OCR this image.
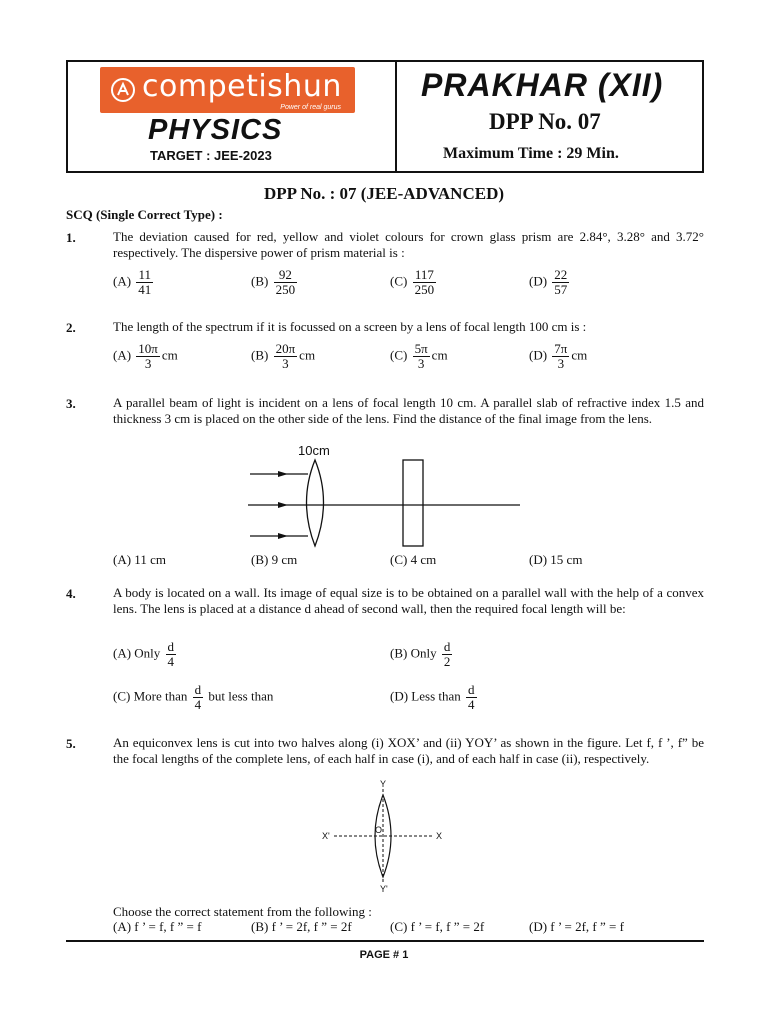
competishun
Power of real gurus
PHYSICS
TARGET : JEE-2023
PRAKHAR (XII)
DPP No. 07
Maximum Time : 29 Min.
DPP No. : 07 (JEE-ADVANCED)
SCQ (Single Correct Type) :
1.	The deviation caused for red, yellow and violet colours for crown glass prism are 2.84°, 3.28° and 3.72° respectively. The dispersive power of prism material is :
$(A) \frac{11}{41}$	$(B) \frac{92}{250}$	$(C) \frac{117}{250}$	$(D) \frac{22}{57}$
2.	The length of the spectrum if it is focussed on a screen by a lens of focal length 100 cm is :
$(A) \frac{10\pi}{3}$ cm	$(B) \frac{20\pi}{3}$ cm	$(C) \frac{5\pi}{3}$ cm	$(D) \frac{7\pi}{3}$ cm
3.	A parallel beam of light is incident on a lens of focal length 10 cm. A parallel slab of refractive index 1.5 and thickness 3 cm is placed on the other side of the lens. Find the distance of the final image from the lens.
10cm
(A) 11 cm	(B) 9 cm	(C) 4 cm	(D) 15 cm
4.	A body is located on a wall. Its image of equal size is to be obtained on a parallel wall with the help of a convex lens. The lens is placed at a distance d ahead of second wall, then the required focal length will be:
(A) Only $\frac{d}{4}$	(B) Only $\frac{d}{2}$
(C) More than $\frac{d}{4}$ but less than	(D) Less than $\frac{d}{4}$
5.	An equiconvex lens is cut into two halves along (i) XOX’ and (ii) YOY’ as shown in the figure. Let f, f ’, f” be the focal lengths of the complete lens, of each half in case (i), and of each half in case (ii), respectively.
Y
Y'
X'	X
O
Choose the correct statement from the following :
(A) f ’ = f, f ” = f	(B) f ’ = 2f, f ” = 2f	(C) f ’ = f, f ” = 2f	(D) f ’ = 2f, f ” = f
PAGE # 1
